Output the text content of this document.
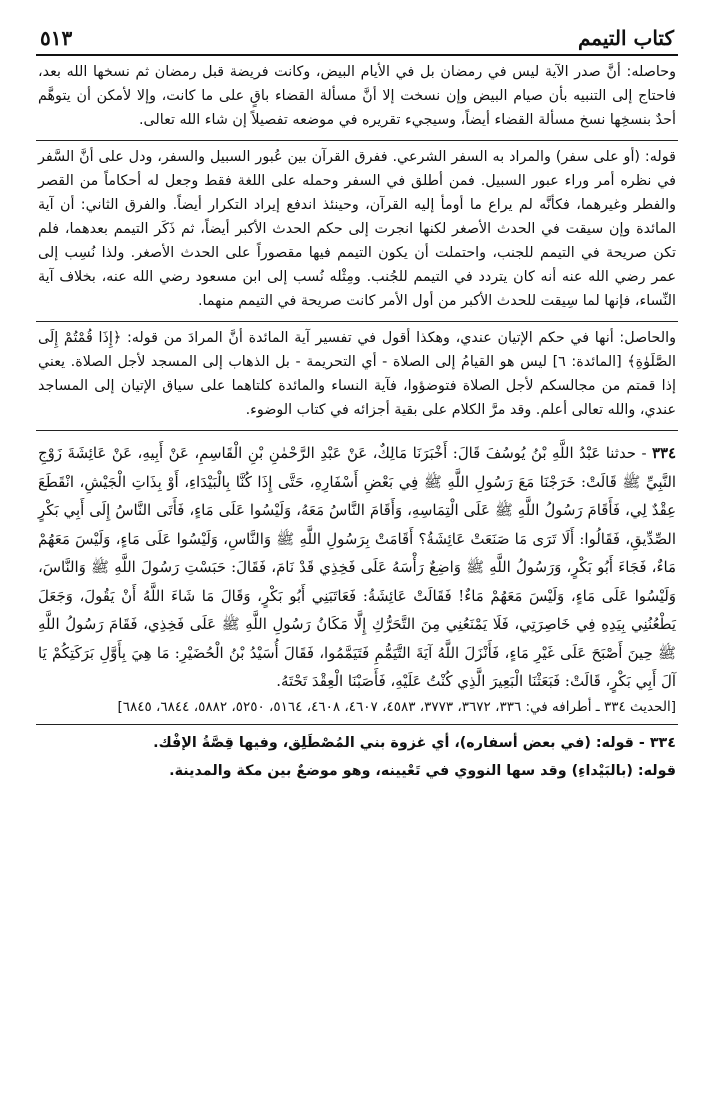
كتاب التيمم
٥١٣

وحاصله: أنَّ صدر الآية ليس في رمضان بل في الأيام البيض، وكانت فريضة قبل رمضان ثم نسخها الله بعد، فاحتاج إلى التنبيه بأن صيام البيض وإن نسخت إلا أنَّ مسألة القضاء باقٍ على ما كانت، وإلا لأمكن أن يتوهَّم أحدٌ بنسخِها نسخ مسألة القضاء أيضاً، وسيجيء تقريره في موضعه تفصيلاً إن شاء الله تعالى.

قوله: (أو على سفر) والمراد به السفر الشرعي. ففرق القرآن بين عُبور السبيل والسفر، ودل على أنَّ السَّفر في نظره أمر وراء عبور السبيل. فمن أطلق في السفر وحمله على اللغة فقط وجعل له أحكاماً من القصر والفطر وغيرهما، فكأنَّه لم يراع ما أومأ إليه القرآن، وحينئذ اندفع إيراد التكرار أيضاً. والفرق الثاني: أن آية المائدة وإن سيقت في الحدث الأصغر لكنها انجرت إلى حكم الحدث الأكبر أيضاً، ثم ذَكَر التيمم بعدهما، فلم تكن صريحة في التيمم للجنب، واحتملت أن يكون التيمم فيها مقصوراً على الحدث الأصغر. ولذا نُسِب إلى عمر رضي الله عنه أنه كان يتردد في التيمم للجُنب. ومِثْله نُسب إلى ابن مسعود رضي الله عنه، بخلاف آية النِّساء، فإنها لما سِيقت للحدث الأكبر من أول الأمر كانت صريحة في التيمم منهما.

والحاصل: أنها في حكم الإتيان عندي، وهكذا أقول في تفسير آية المائدة أنَّ المرادَ من قوله: ﴿إِذَا قُمْتُمْ إِلَى الصَّلَوٰةِ﴾ [المائدة: ٦] ليس هو القيامُ إلى الصلاة - أي التحريمة - بل الذهاب إلى المسجد لأجل الصلاة. يعني إذا قمتم من مجالسكم لأجل الصلاة فتوضؤوا، فآية النساء والمائدة كلتاهما على سياق الإتيان إلى المساجد عندي، والله تعالى أعلم. وقد مرَّ الكلام على بقية أجزائه في كتاب الوضوء.

٣٣٤ - حدثنا عَبْدُ اللَّهِ بْنُ يُوسُفَ قَالَ: أَخْبَرَنَا مَالِكٌ، عَنْ عَبْدِ الرَّحْمٰنِ بْنِ الْقَاسِمِ، عَنْ أَبِيهِ، عَنْ عَائِشَةَ زَوْجِ النَّبِيِّ ﷺ قَالَتْ: خَرَجْنَا مَعَ رَسُولِ اللَّهِ ﷺ فِي بَعْضِ أَسْفَارِهِ، حَتَّى إِذَا كُنَّا بِالْبَيْدَاءِ، أَوْ بِذَاتِ الْجَيْشِ، انْقَطَعَ عِقْدٌ لِي، فَأَقَامَ رَسُولُ اللَّهِ ﷺ عَلَى الْتِمَاسِهِ، وَأَقَامَ النَّاسُ مَعَهُ، وَلَيْسُوا عَلَى مَاءٍ، فَأَتَى النَّاسُ إِلَى أَبِي بَكْرٍ الصِّدِّيقِ، فَقَالُوا: أَلَا تَرَى مَا صَنَعَتْ عَائِشَةُ؟ أَقَامَتْ بِرَسُولِ اللَّهِ ﷺ وَالنَّاسِ، وَلَيْسُوا عَلَى مَاءٍ، وَلَيْسَ مَعَهُمْ مَاءٌ، فَجَاءَ أَبُو بَكْرٍ، وَرَسُولُ اللَّهِ ﷺ وَاضِعٌ رَأْسَهُ عَلَى فَخِذِي قَدْ نَامَ، فَقَالَ: حَبَسْتِ رَسُولَ اللَّهِ ﷺ وَالنَّاسَ، وَلَيْسُوا عَلَى مَاءٍ، وَلَيْسَ مَعَهُمْ مَاءٌ! فَقَالَتْ عَائِشَةُ: فَعَاتَبَنِي أَبُو بَكْرٍ، وَقَالَ مَا شَاءَ اللَّهُ أَنْ يَقُولَ، وَجَعَلَ يَطْعُنُنِي بِيَدِهِ فِي خَاصِرَتِي، فَلَا يَمْنَعُنِي مِنَ التَّحَرُّكِ إِلَّا مَكَانُ رَسُولِ اللَّهِ ﷺ عَلَى فَخِذِي، فَقَامَ رَسُولُ اللَّهِ ﷺ حِينَ أَصْبَحَ عَلَى غَيْرِ مَاءٍ، فَأَنْزَلَ اللَّهُ آيَةَ التَّيَمُّمِ فَتَيَمَّمُوا، فَقَالَ أُسَيْدُ بْنُ الْحُضَيْرِ: مَا هِيَ بِأَوَّلِ بَرَكَتِكُمْ يَا آلَ أَبِي بَكْرٍ، قَالَتْ: فَبَعَثْنَا الْبَعِيرَ الَّذِي كُنْتُ عَلَيْهِ، فَأَصَبْنَا الْعِقْدَ تَحْتَهُ.

[الحديث ٣٣٤ ـ أطرافه في: ٣٣٦، ٣٦٧٢، ٣٧٧٣، ٤٥٨٣، ٤٦٠٧، ٤٦٠٨، ٥١٦٤، ٥٢٥٠، ٥٨٨٢، ٦٨٤٤، ٦٨٤٥]

٣٣٤ - قوله: (في بعض أسفاره)، أي غزوة بني المُصْطَلِق، وفيها قِصَّةُ الإفْك.

قوله: (بالبَيْداءِ) وقد سها النووي في تَعْيينه، وهو موضعٌ بين مكة والمدينة.
